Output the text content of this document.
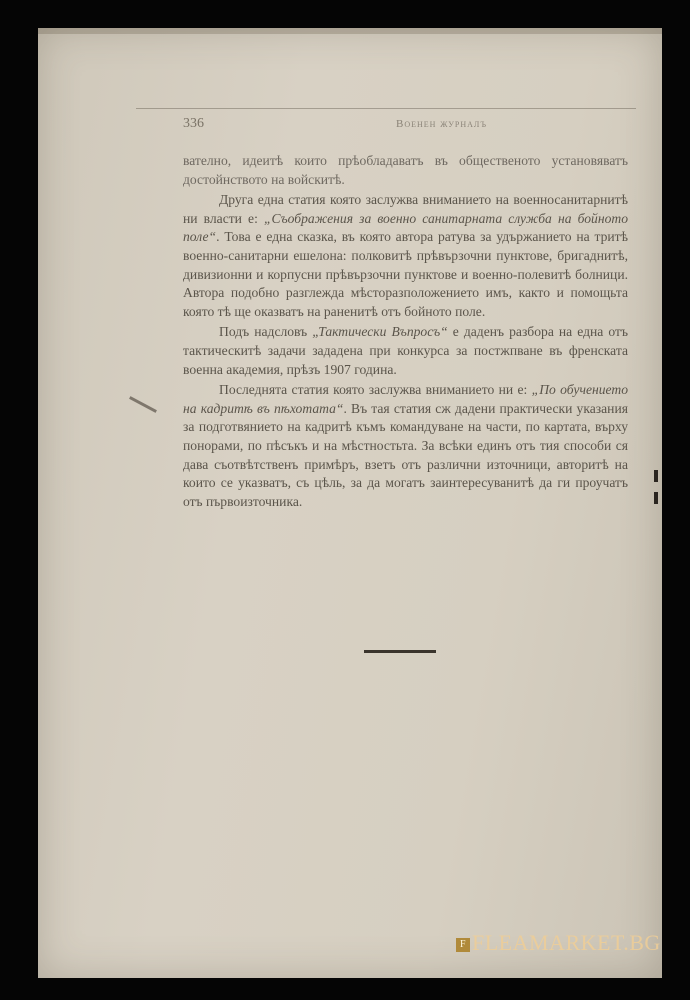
336	Военен журналъ

вателно, идеитѣ които прѣобладаватъ въ общественото установяватъ достойнството на войскитѣ.

Друга една статия която заслужва вниманието на военносанитарнитѣ ни власти е: „Съображения за военно санитарната служба на бойното поле“. Това е една сказка, въ която автора ратува за удържанието на тритѣ военно-санитарни ешелона: полковитѣ прѣвързочни пунктове, бригаднитѣ, дивизионни и корпусни прѣвързочни пунктове и военно-полевитѣ болници. Автора подобно разглежда мѣсторазположението имъ, както и помощьта която тѣ ще оказватъ на раненитѣ отъ бойното поле.

Подъ надсловъ „Тактически Въпросъ“ е даденъ разбора на една отъ тактическитѣ задачи зададена при конкурса за постжпване въ френската военна академия, прѣзъ 1907 година.

Последнята статия която заслужва вниманието ни е: „По обучението на кадритѣ въ пѣхотата“. Въ тая статия сж дадени практически указания за подготвянието на кадритѣ къмъ командуване на части, по картата, върху понорами, по пѣсъкъ и на мѣстностьта. За всѣки единъ отъ тия способи ся дава съотвѣтственъ примѣръ, взетъ отъ различни източници, авторитѣ на които се указватъ, съ цѣль, за да могатъ заинтересуванитѣ да ги проучатъ отъ първоизточника.

F FLEAMARKET.BG
